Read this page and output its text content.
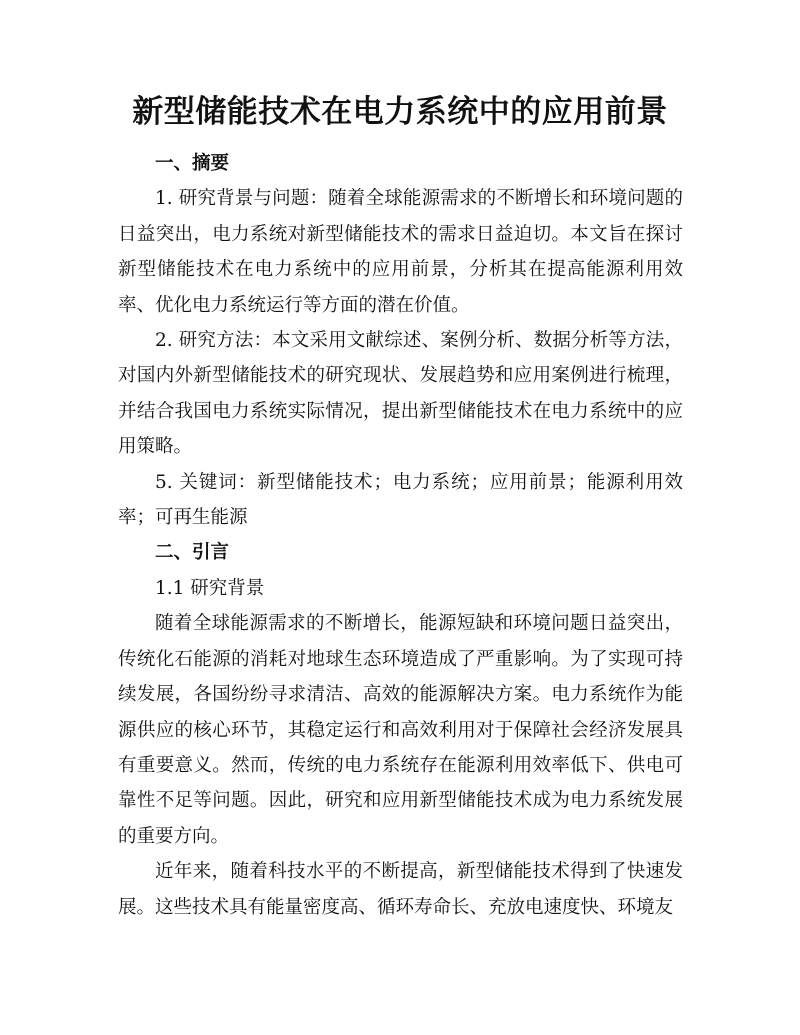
新型储能技术在电力系统中的应用前景

一、摘要

1. 研究背景与问题：随着全球能源需求的不断增长和环境问题的日益突出，电力系统对新型储能技术的需求日益迫切。本文旨在探讨新型储能技术在电力系统中的应用前景，分析其在提高能源利用效率、优化电力系统运行等方面的潜在价值。

2. 研究方法：本文采用文献综述、案例分析、数据分析等方法，对国内外新型储能技术的研究现状、发展趋势和应用案例进行梳理，并结合我国电力系统实际情况，提出新型储能技术在电力系统中的应用策略。

5. 关键词：新型储能技术；电力系统；应用前景；能源利用效率；可再生能源

二、引言

1.1 研究背景

随着全球能源需求的不断增长，能源短缺和环境问题日益突出，传统化石能源的消耗对地球生态环境造成了严重影响。为了实现可持续发展，各国纷纷寻求清洁、高效的能源解决方案。电力系统作为能源供应的核心环节，其稳定运行和高效利用对于保障社会经济发展具有重要意义。然而，传统的电力系统存在能源利用效率低下、供电可靠性不足等问题。因此，研究和应用新型储能技术成为电力系统发展的重要方向。

近年来，随着科技水平的不断提高，新型储能技术得到了快速发展。这些技术具有能量密度高、循环寿命长、充放电速度快、环境友
